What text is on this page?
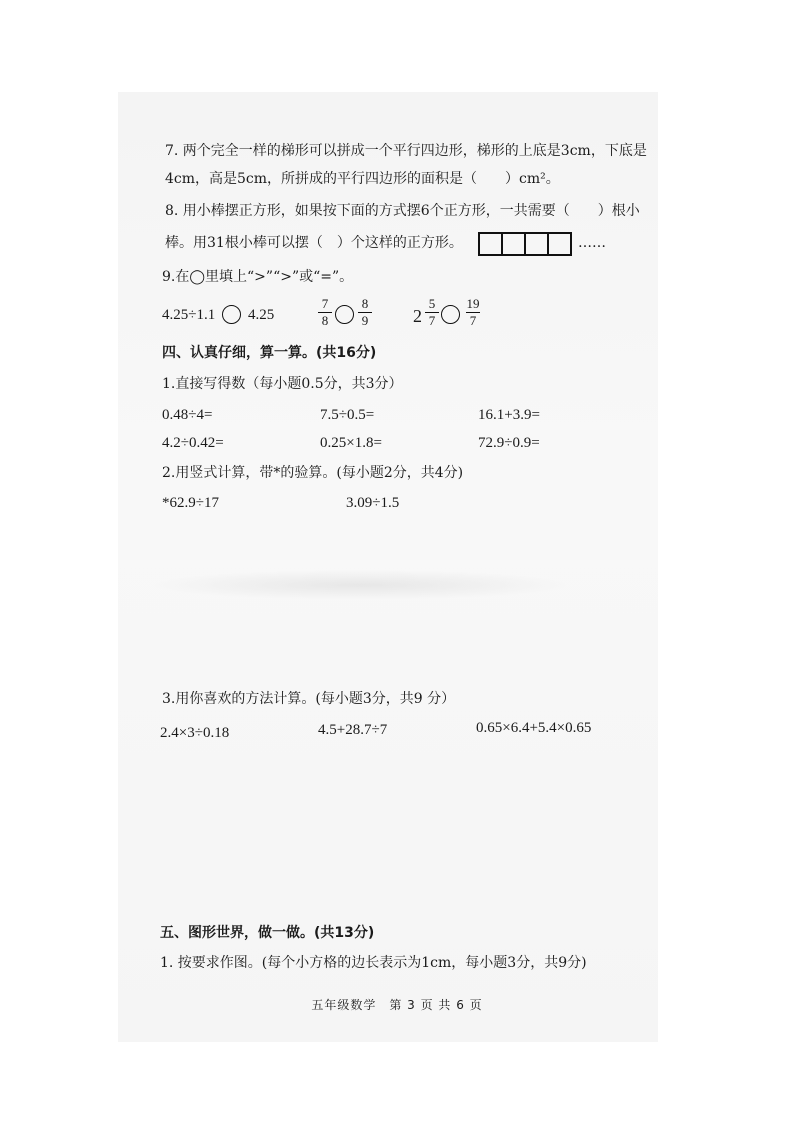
7. 两个完全一样的梯形可以拼成一个平行四边形，梯形的上底是3cm，下底是
4cm，高是5cm，所拼成的平行四边形的面积是（　　）cm²。
8. 用小棒摆正方形，如果按下面的方式摆6个正方形，一共需要（　　）根小
棒。用31根小棒可以摆（　）个这样的正方形。	……
9.在◯里填上“>”“>”或“=”。
4.25÷1.1 4.25
7
8
8
9 2
5
7
19
7
四、认真仔细，算一算。(共16分)
1.直接写得数（每小题0.5分，共3分）
0.48÷4=	7.5÷0.5=	16.1+3.9=
4.2÷0.42=	0.25×1.8=	72.9÷0.9=
2.用竖式计算，带*的验算。(每小题2分，共4分)
*62.9÷17	3.09÷1.5
3.用你喜欢的方法计算。(每小题3分，共9 分）
2.4×3÷0.18	4.5+28.7÷7	0.65×6.4+5.4×0.65
五、图形世界，做一做。(共13分)
1. 按要求作图。(每个小方格的边长表示为1cm，每小题3分，共9分)
五年级数学　第 3 页 共 6 页
